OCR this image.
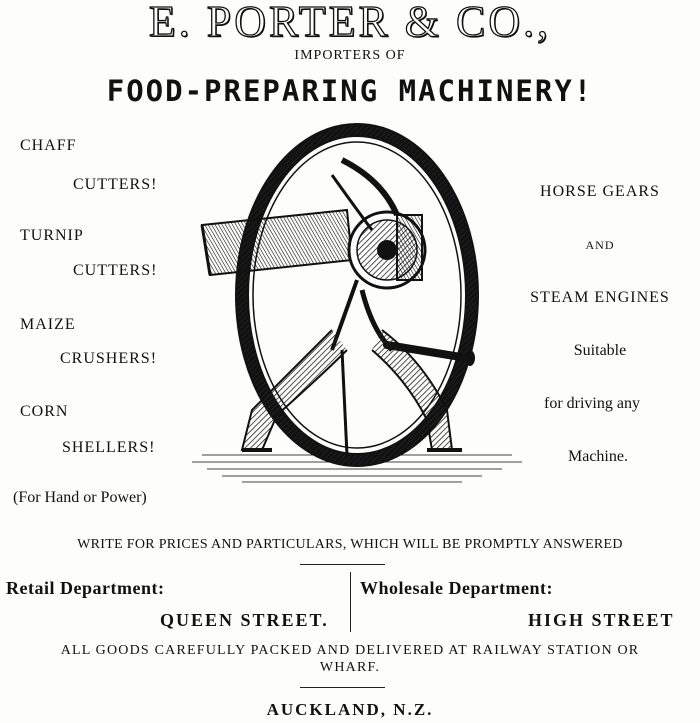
E. PORTER & CO.,
IMPORTERS OF
FOOD-PREPARING MACHINERY!
CHAFF
CUTTERS!
TURNIP
CUTTERS!
MAIZE
CRUSHERS!
CORN
SHELLERS!
(For Hand or Power)
HORSE GEARS
AND
STEAM ENGINES
Suitable
for driving any
Machine.
WRITE FOR PRICES AND PARTICULARS, WHICH WILL BE PROMPTLY ANSWERED
Retail Department:
QUEEN STREET.
Wholesale Department:
HIGH STREET
ALL GOODS CAREFULLY PACKED AND DELIVERED AT RAILWAY STATION OR
WHARF.
AUCKLAND, N.Z.
